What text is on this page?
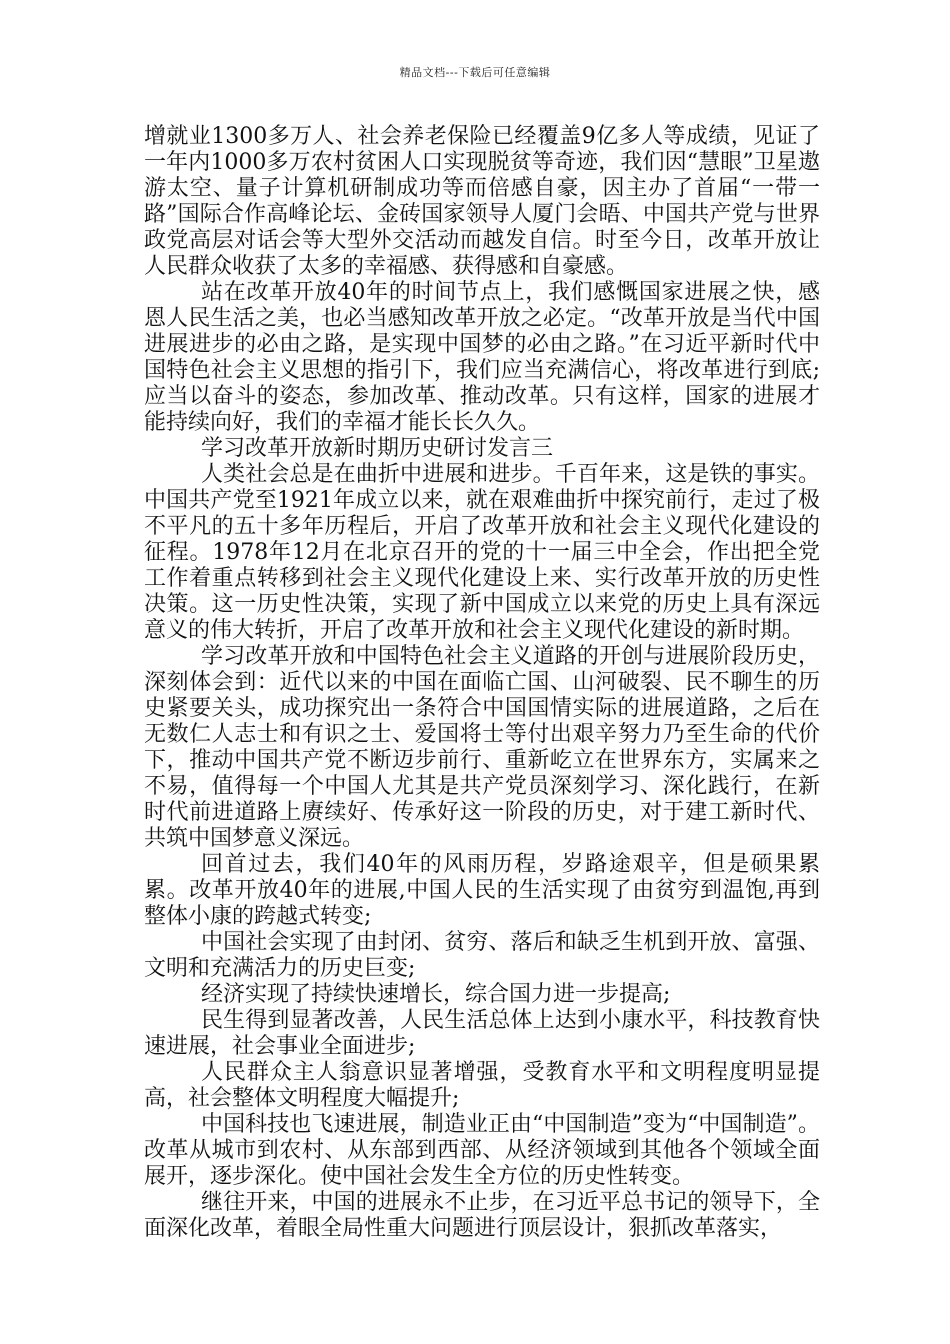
精品文档---下载后可任意编辑

增就业1300多万人、社会养老保险已经覆盖9亿多人等成绩，见证了一年内1000多万农村贫困人口实现脱贫等奇迹，我们因“慧眼”卫星遨游太空、量子计算机研制成功等而倍感自豪，因主办了首届“一带一路”国际合作高峰论坛、金砖国家领导人厦门会晤、中国共产党与世界政党高层对话会等大型外交活动而越发自信。时至今日，改革开放让人民群众收获了太多的幸福感、获得感和自豪感。

站在改革开放40年的时间节点上，我们感慨国家进展之快，感恩人民生活之美，也必当感知改革开放之必定。“改革开放是当代中国进展进步的必由之路，是实现中国梦的必由之路。”在习近平新时代中国特色社会主义思想的指引下，我们应当充满信心，将改革进行到底;应当以奋斗的姿态，参加改革、推动改革。只有这样，国家的进展才能持续向好，我们的幸福才能长长久久。

学习改革开放新时期历史研讨发言三

人类社会总是在曲折中进展和进步。千百年来，这是铁的事实。中国共产党至1921年成立以来，就在艰难曲折中探究前行，走过了极不平凡的五十多年历程后，开启了改革开放和社会主义现代化建设的征程。1978年12月在北京召开的党的十一届三中全会，作出把全党工作着重点转移到社会主义现代化建设上来、实行改革开放的历史性决策。这一历史性决策，实现了新中国成立以来党的历史上具有深远意义的伟大转折，开启了改革开放和社会主义现代化建设的新时期。

学习改革开放和中国特色社会主义道路的开创与进展阶段历史，深刻体会到：近代以来的中国在面临亡国、山河破裂、民不聊生的历史紧要关头，成功探究出一条符合中国国情实际的进展道路，之后在无数仁人志士和有识之士、爱国将士等付出艰辛努力乃至生命的代价下，推动中国共产党不断迈步前行、重新屹立在世界东方，实属来之不易，值得每一个中国人尤其是共产党员深刻学习、深化践行，在新时代前进道路上赓续好、传承好这一阶段的历史，对于建工新时代、共筑中国梦意义深远。

回首过去，我们40年的风雨历程，岁路途艰辛，但是硕果累累。改革开放40年的进展,中国人民的生活实现了由贫穷到温饱,再到整体小康的跨越式转变;

中国社会实现了由封闭、贫穷、落后和缺乏生机到开放、富强、文明和充满活力的历史巨变;

经济实现了持续快速增长，综合国力进一步提高;

民生得到显著改善，人民生活总体上达到小康水平，科技教育快速进展，社会事业全面进步;

人民群众主人翁意识显著增强，受教育水平和文明程度明显提高，社会整体文明程度大幅提升;

中国科技也飞速进展，制造业正由“中国制造”变为“中国制造”。改革从城市到农村、从东部到西部、从经济领域到其他各个领域全面展开，逐步深化。使中国社会发生全方位的历史性转变。

继往开来，中国的进展永不止步，在习近平总书记的领导下，全面深化改革，着眼全局性重大问题进行顶层设计，狠抓改革落实，
